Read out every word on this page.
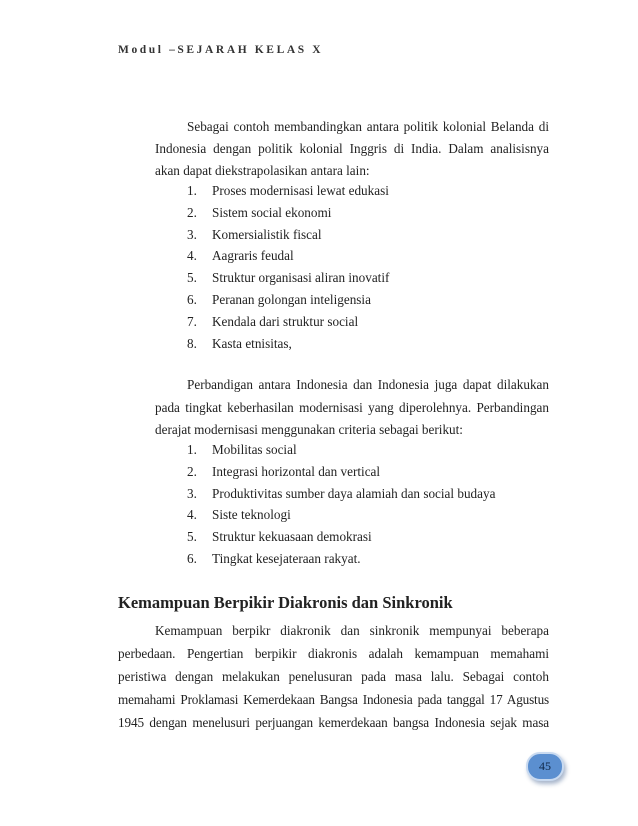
Modul –SEJARAH KELAS X
Sebagai contoh membandingkan antara politik kolonial Belanda di
Indonesia dengan politik kolonial Inggris di India. Dalam analisisnya
akan dapat diekstrapolasikan antara lain:
1. Proses modernisasi lewat edukasi
2. Sistem social ekonomi
3. Komersialistik fiscal
4. Aagraris feudal
5. Struktur organisasi aliran inovatif
6. Peranan golongan inteligensia
7. Kendala dari struktur social
8. Kasta etnisitas,
Perbandigan antara Indonesia dan Indonesia juga dapat dilakukan
pada tingkat keberhasilan modernisasi yang diperolehnya. Perbandingan
derajat modernisasi menggunakan criteria sebagai berikut:
1. Mobilitas social
2. Integrasi horizontal dan vertical
3. Produktivitas sumber daya alamiah dan social budaya
4. Siste teknologi
5. Struktur kekuasaan demokrasi
6. Tingkat kesejateraan rakyat.
Kemampuan Berpikir Diakronis dan Sinkronik
Kemampuan berpikr diakronik dan sinkronik mempunyai beberapa
perbedaan. Pengertian berpikir diakronis adalah kemampuan memahami
peristiwa dengan melakukan penelusuran pada masa lalu. Sebagai contoh
memahami Proklamasi Kemerdekaan Bangsa Indonesia pada tanggal 17 Agustus
1945 dengan menelusuri perjuangan kemerdekaan bangsa Indonesia sejak masa
45
